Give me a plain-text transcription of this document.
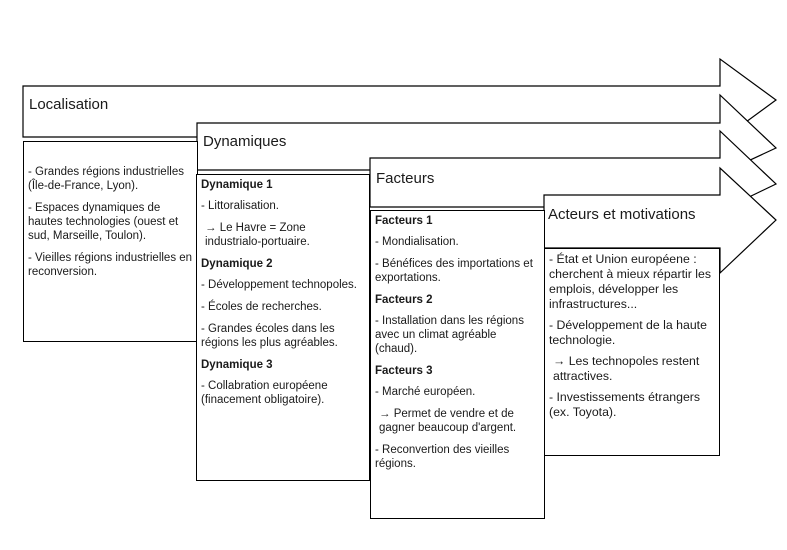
Localisation
Dynamiques
Facteurs
Acteurs et motivations

- Grandes régions industrielles (Île-de-France, Lyon).

- Espaces dynamiques de hautes technologies (ouest et sud, Marseille, Toulon).

- Vieilles régions industrielles en reconversion.

Dynamique 1

- Littoralisation.

→ Le Havre = Zone industrialo-portuaire.

Dynamique 2

- Développement technopoles.

- Écoles de recherches.

- Grandes écoles dans les régions les plus agréables.

Dynamique 3

- Collabration européene (finacement obligatoire).

Facteurs 1

- Mondialisation.

- Bénéfices des importations et exportations.

Facteurs 2

- Installation dans les régions avec un climat agréable (chaud).

Facteurs 3

- Marché européen.

→ Permet de vendre et de gagner beaucoup d'argent.

- Reconvertion des vieilles régions.

- État et Union européene : cherchent à mieux répartir les emplois, développer les infrastructures...

- Développement de la haute technologie.

→ Les technopoles restent attractives.

- Investissements étrangers (ex. Toyota).
